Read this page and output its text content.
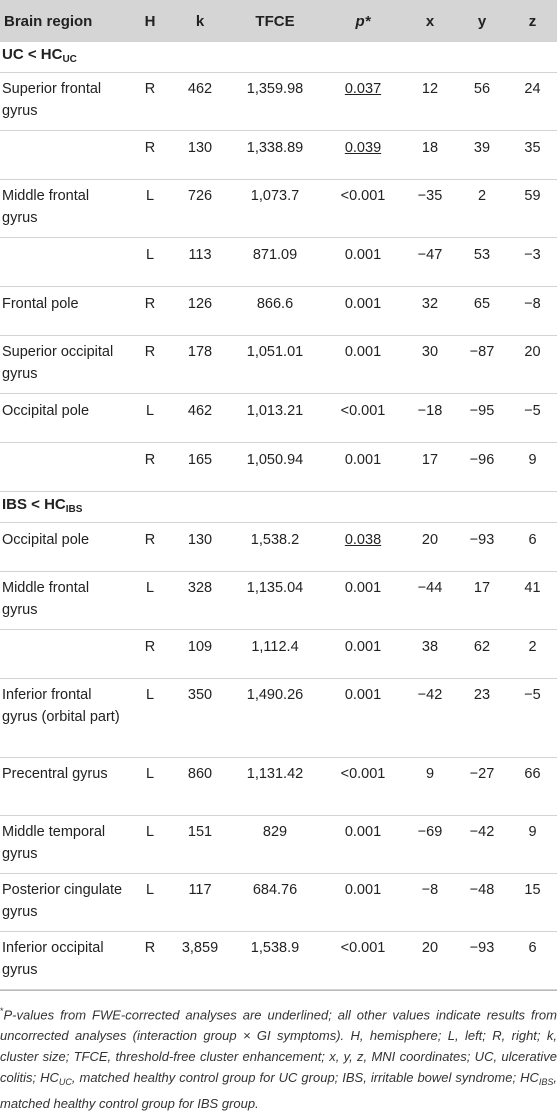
Brain region	H	k	TFCE	p*	x	y	z
UC < $HC_{UC}$
Superior frontal gyrus	R	462	1,359.98	0.037	12	56	24
	R	130	1,338.89	0.039	18	39	35
Middle frontal gyrus	L	726	1,073.7	<0.001	−35	2	59
	L	113	871.09	0.001	−47	53	−3
Frontal pole	R	126	866.6	0.001	32	65	−8
Superior occipital gyrus	R	178	1,051.01	0.001	30	−87	20
Occipital pole	L	462	1,013.21	<0.001	−18	−95	−5
	R	165	1,050.94	0.001	17	−96	9
IBS < $HC_{IBS}$
Occipital pole	R	130	1,538.2	0.038	20	−93	6
Middle frontal gyrus	L	328	1,135.04	0.001	−44	17	41
	R	109	1,112.4	0.001	38	62	2
Inferior frontal gyrus (orbital part)	L	350	1,490.26	0.001	−42	23	−5
Precentral gyrus	L	860	1,131.42	<0.001	9	−27	66
Middle temporal gyrus	L	151	829	0.001	−69	−42	9
Posterior cingulate gyrus	L	117	684.76	0.001	−8	−48	15
Inferior occipital gyrus	R	3,859	1,538.9	<0.001	20	−93	6
*P-values from FWE-corrected analyses are underlined; all other values indicate results from uncorrected analyses (interaction group × GI symptoms). H, hemisphere; L, left; R, right; k, cluster size; TFCE, threshold-free cluster enhancement; x, y, z, MNI coordinates; UC, ulcerative colitis; $HC_{UC}$, matched healthy control group for UC group; IBS, irritable bowel syndrome; $HC_{IBS}$, matched healthy control group for IBS group.
